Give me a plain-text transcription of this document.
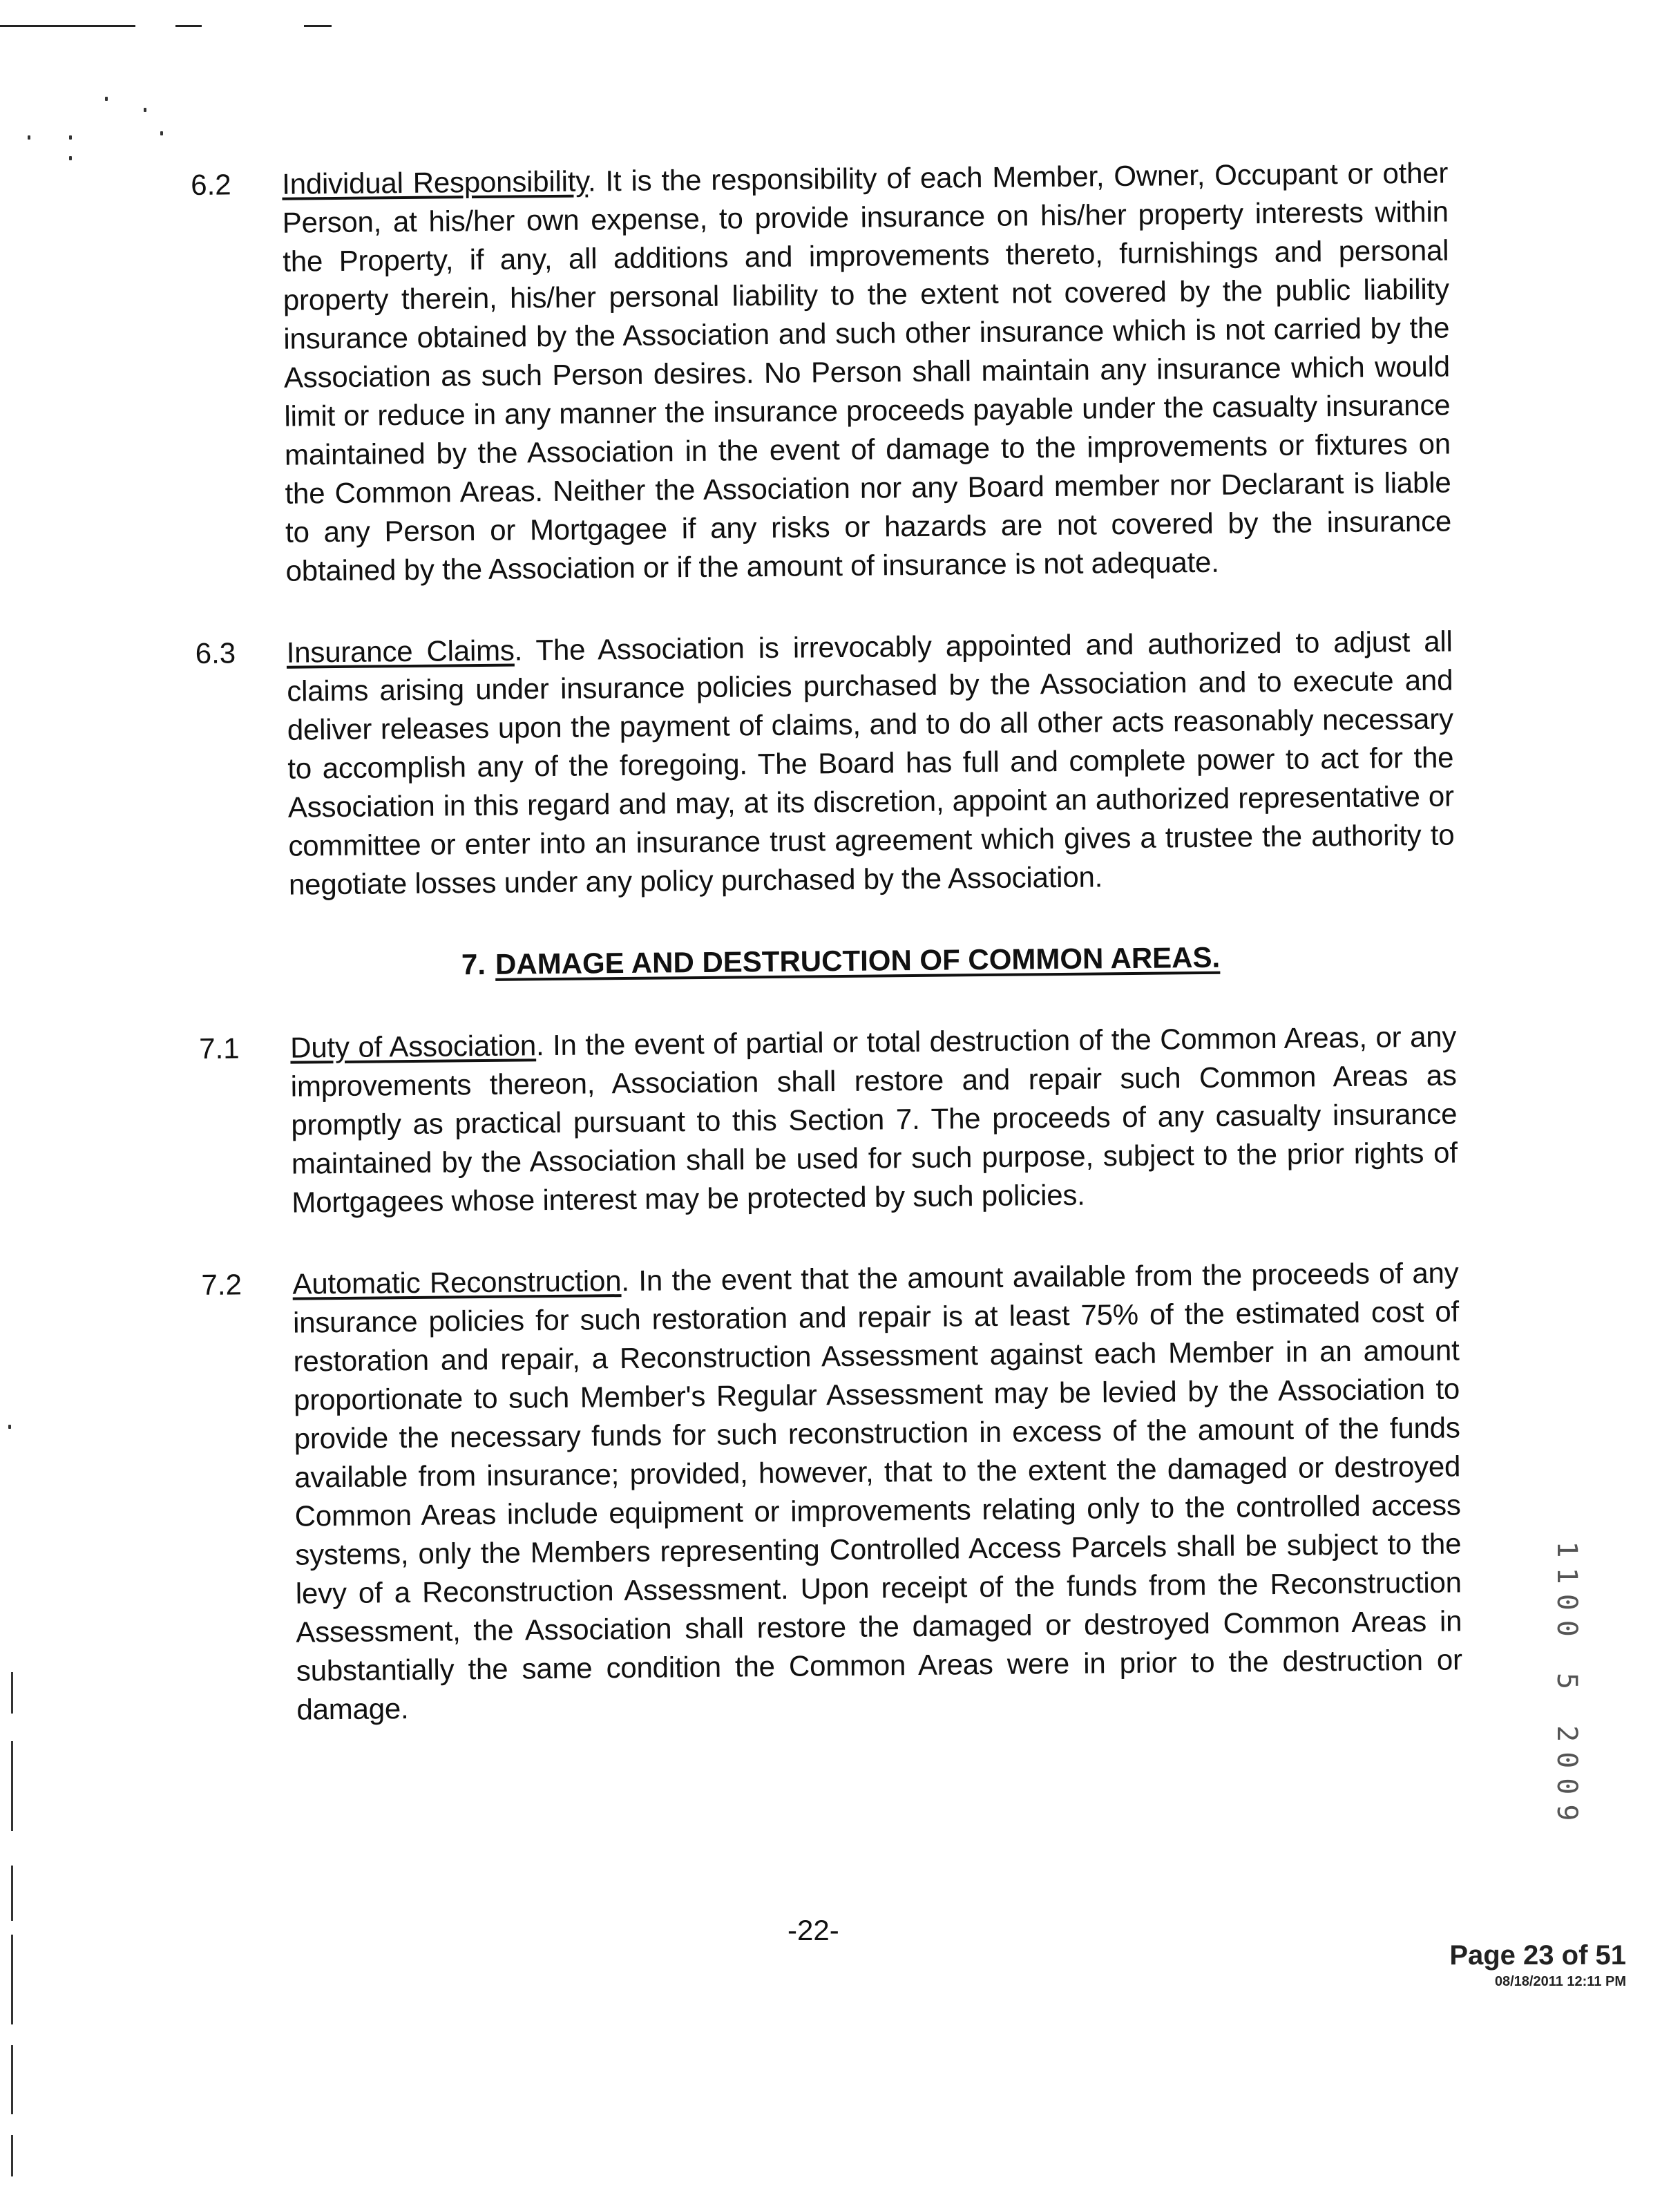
6.2 Individual Responsibility. It is the responsibility of each Member, Owner, Occupant or other Person, at his/her own expense, to provide insurance on his/her property interests within the Property, if any, all additions and improvements thereto, furnishings and personal property therein, his/her personal liability to the extent not covered by the public liability insurance obtained by the Association and such other insurance which is not carried by the Association as such Person desires. No Person shall maintain any insurance which would limit or reduce in any manner the insurance proceeds payable under the casualty insurance maintained by the Association in the event of damage to the improvements or fixtures on the Common Areas. Neither the Association nor any Board member nor Declarant is liable to any Person or Mortgagee if any risks or hazards are not covered by the insurance obtained by the Association or if the amount of insurance is not adequate.
6.3 Insurance Claims. The Association is irrevocably appointed and authorized to adjust all claims arising under insurance policies purchased by the Association and to execute and deliver releases upon the payment of claims, and to do all other acts reasonably necessary to accomplish any of the foregoing. The Board has full and complete power to act for the Association in this regard and may, at its discretion, appoint an authorized representative or committee or enter into an insurance trust agreement which gives a trustee the authority to negotiate losses under any policy purchased by the Association.
7. DAMAGE AND DESTRUCTION OF COMMON AREAS.
7.1 Duty of Association. In the event of partial or total destruction of the Common Areas, or any improvements thereon, Association shall restore and repair such Common Areas as promptly as practical pursuant to this Section 7. The proceeds of any casualty insurance maintained by the Association shall be used for such purpose, subject to the prior rights of Mortgagees whose interest may be protected by such policies.
7.2 Automatic Reconstruction. In the event that the amount available from the proceeds of any insurance policies for such restoration and repair is at least 75% of the estimated cost of restoration and repair, a Reconstruction Assessment against each Member in an amount proportionate to such Member's Regular Assessment may be levied by the Association to provide the necessary funds for such reconstruction in excess of the amount of the funds available from insurance; provided, however, that to the extent the damaged or destroyed Common Areas include equipment or improvements relating only to the controlled access systems, only the Members representing Controlled Access Parcels shall be subject to the levy of a Reconstruction Assessment. Upon receipt of the funds from the Reconstruction Assessment, the Association shall restore the damaged or destroyed Common Areas in substantially the same condition the Common Areas were in prior to the destruction or damage.	1100 5 2009
-22-
Page 23 of 51
08/18/2011 12:11 PM
